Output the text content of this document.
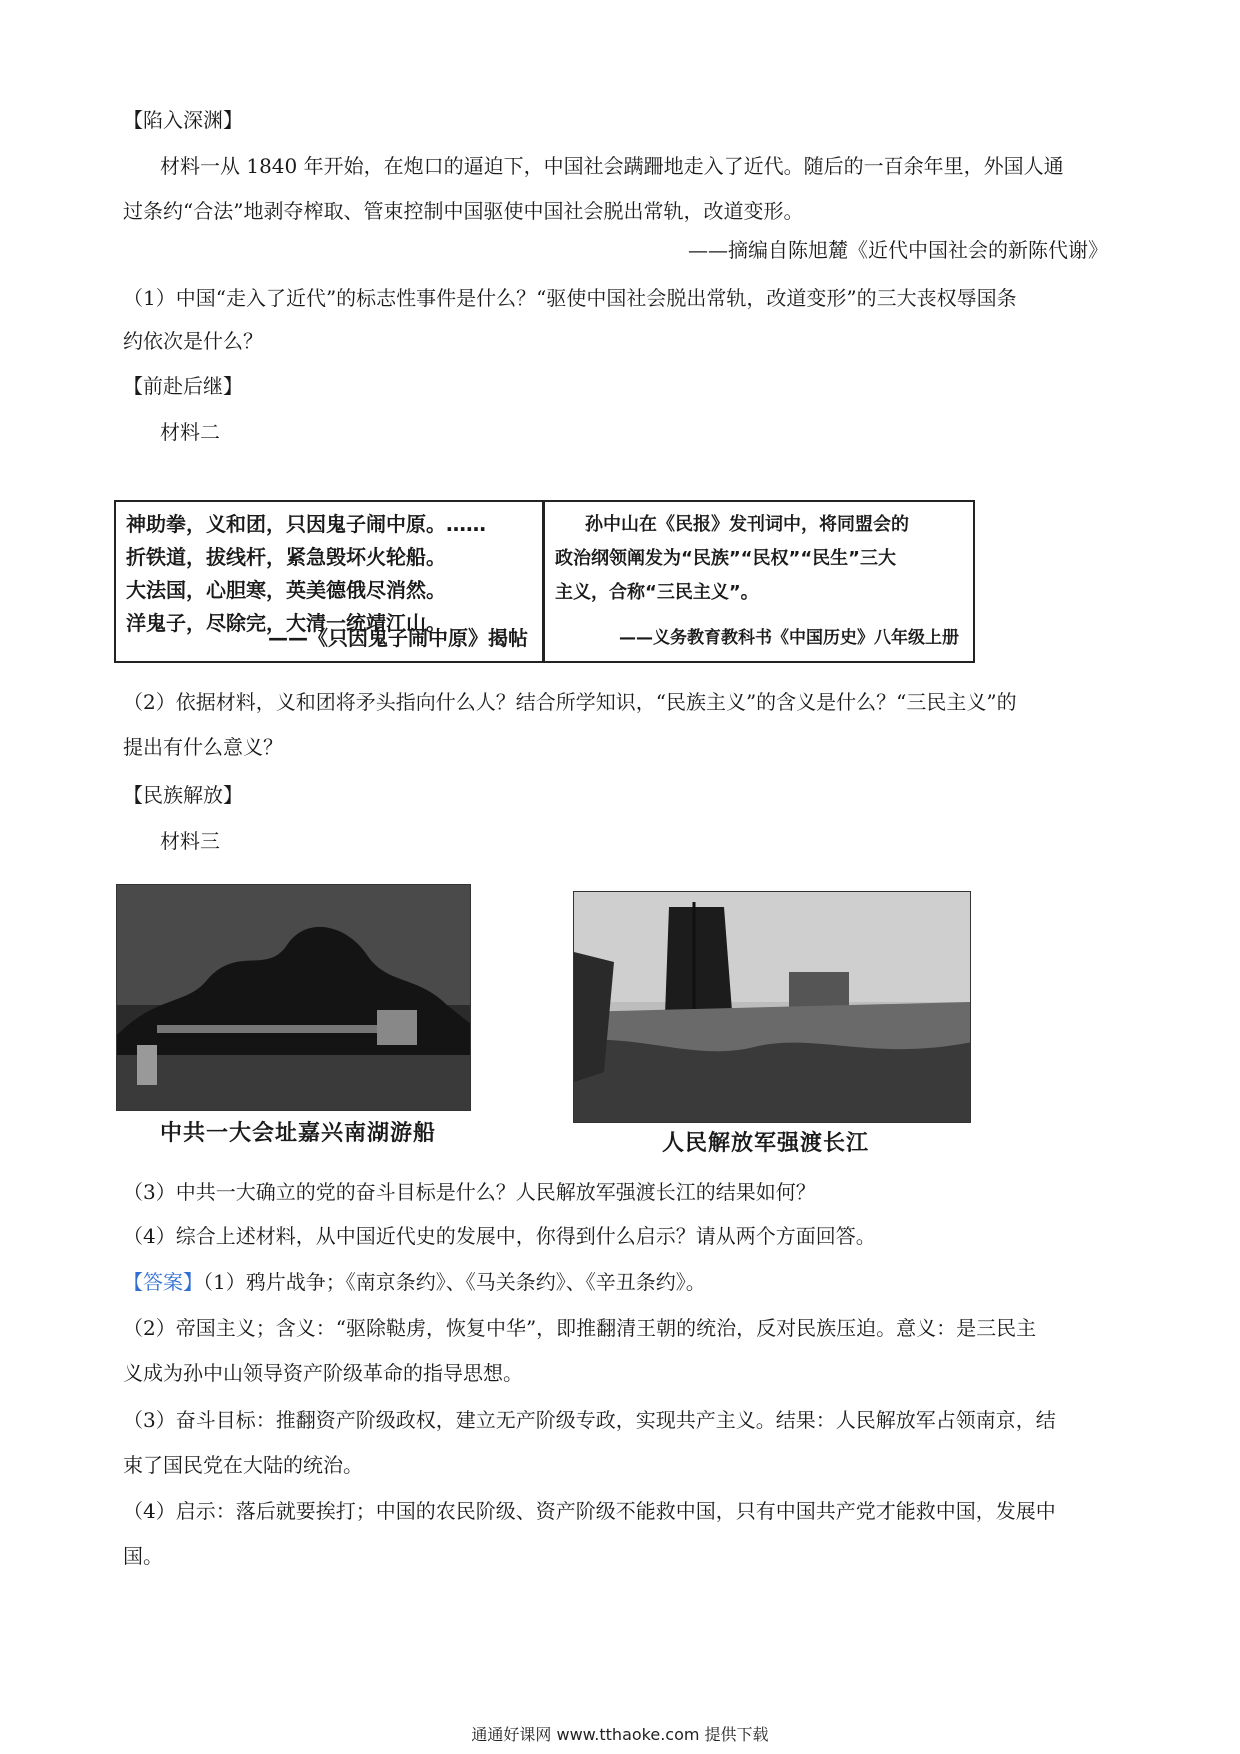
【陷入深渊】
材料一从 1840 年开始，在炮口的逼迫下，中国社会蹒跚地走入了近代。随后的一百余年里，外国人通
过条约“合法”地剥夺榨取、管束控制中国驱使中国社会脱出常轨，改道变形。
——摘编自陈旭麓《近代中国社会的新陈代谢》
（1）中国“走入了近代”的标志性事件是什么？“驱使中国社会脱出常轨，改道变形”的三大丧权辱国条
约依次是什么？
【前赴后继】
材料二
神助拳，义和团，只因鬼子闹中原。……
折铁道，拔线杆，紧急毁坏火轮船。
大法国，心胆寒，英美德俄尽消然。
洋鬼子，尽除完，大清一统靖江山。
——《只因鬼子闹中原》揭帖
孙中山在《民报》发刊词中，将同盟会的
政治纲领阐发为“民族”“民权”“民生”三大
主义，合称“三民主义”。
——义务教育教科书《中国历史》八年级上册
（2）依据材料，义和团将矛头指向什么人？结合所学知识，“民族主义”的含义是什么？“三民主义”的
提出有什么意义？
【民族解放】
材料三
中共一大会址嘉兴南湖游船	人民解放军强渡长江
（3）中共一大确立的党的奋斗目标是什么？人民解放军强渡长江的结果如何？
（4）综合上述材料，从中国近代史的发展中，你得到什么启示？请从两个方面回答。
【答案】（1）鸦片战争；《南京条约》、《马关条约》、《辛丑条约》。
（2）帝国主义；含义：“驱除鞑虏，恢复中华”，即推翻清王朝的统治，反对民族压迫。意义：是三民主
义成为孙中山领导资产阶级革命的指导思想。
（3）奋斗目标：推翻资产阶级政权，建立无产阶级专政，实现共产主义。结果：人民解放军占领南京，结
束了国民党在大陆的统治。
（4）启示：落后就要挨打；中国的农民阶级、资产阶级不能救中国，只有中国共产党才能救中国，发展中
国。
通通好课网 www.tthaoke.com 提供下载
